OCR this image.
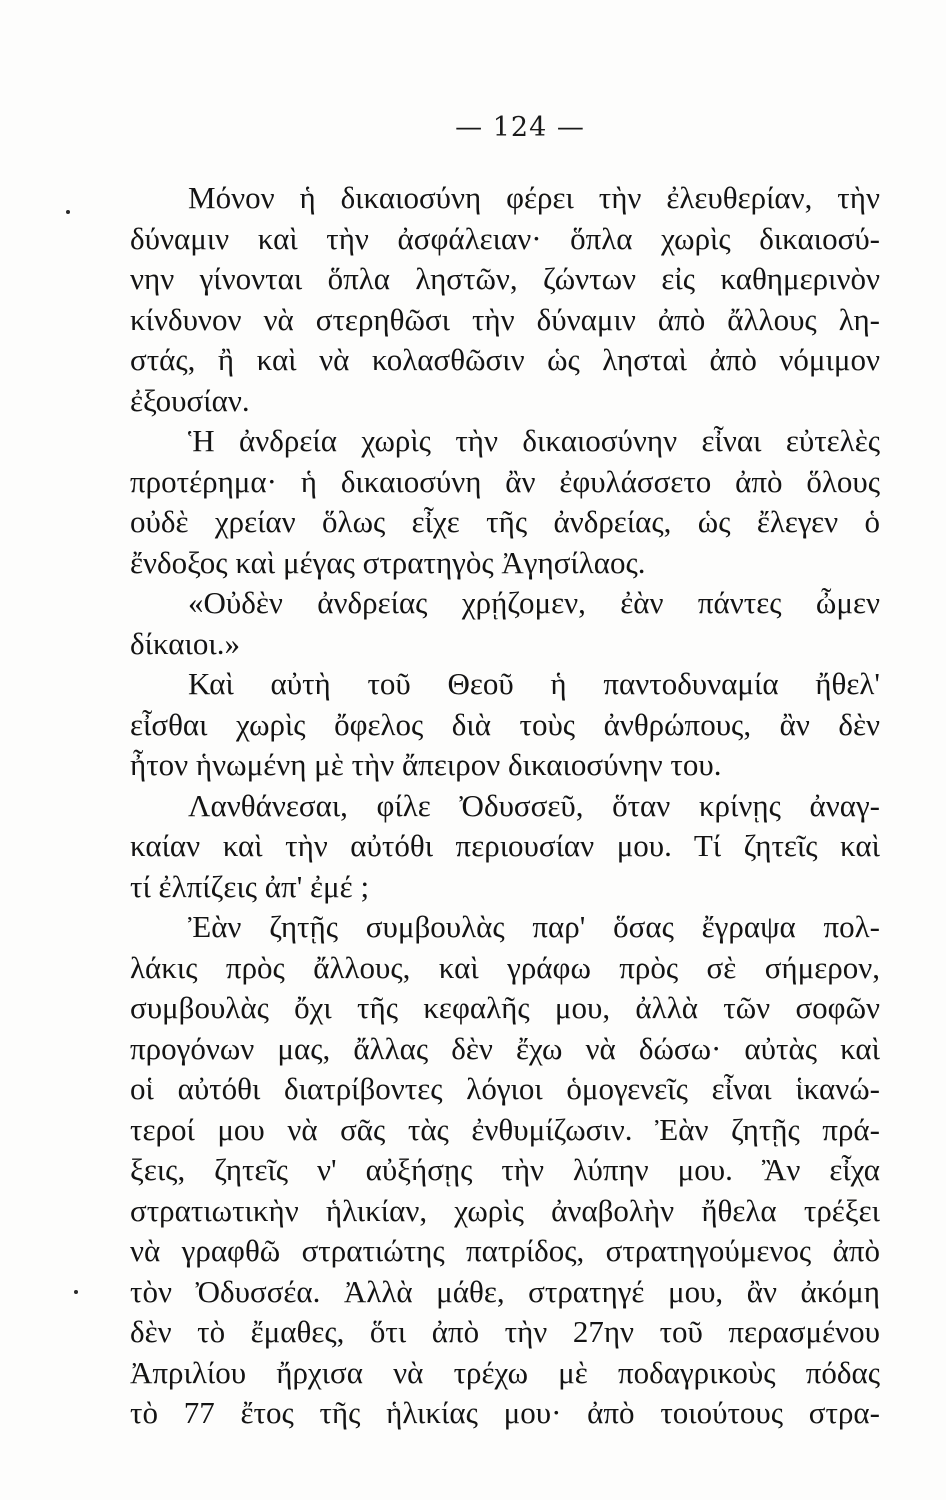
— 124 —
Μόνον ἡ δικαιοσύνη φέρει τὴν ἐλευθερίαν, τὴν
δύναμιν καὶ τὴν ἀσφάλειαν· ὅπλα χωρὶς δικαιοσύ-
νην γίνονται ὅπλα ληστῶν, ζώντων εἰς καθημερινὸν
κίνδυνον νὰ στερηθῶσι τὴν δύναμιν ἀπὸ ἄλλους λη-
στάς, ἢ καὶ νὰ κολασθῶσιν ὡς λησταὶ ἀπὸ νόμιμον
ἐξουσίαν.
Ἡ ἀνδρεία χωρὶς τὴν δικαιοσύνην εἶναι εὐτελὲς
προτέρημα· ἡ δικαιοσύνη ἂν ἐφυλάσσετο ἀπὸ ὅλους
οὐδὲ χρείαν ὅλως εἶχε τῆς ἀνδρείας, ὡς ἔλεγεν ὁ
ἔνδοξος καὶ μέγας στρατηγὸς Ἀγησίλαος.
«Οὐδὲν ἀνδρείας χρῄζομεν, ἐὰν πάντες ὦμεν
δίκαιοι.»
Καὶ αὐτὴ τοῦ Θεοῦ ἡ παντοδυναμία ἤθελ'
εἶσθαι χωρὶς ὄφελος διὰ τοὺς ἀνθρώπους, ἂν δὲν
ἦτον ἡνωμένη μὲ τὴν ἄπειρον δικαιοσύνην του.
Λανθάνεσαι, φίλε Ὀδυσσεῦ, ὅταν κρίνῃς ἀναγ-
καίαν καὶ τὴν αὐτόθι περιουσίαν μου. Τί ζητεῖς καὶ
τί ἐλπίζεις ἀπ' ἐμέ ;
Ἐὰν ζητῇς συμβουλὰς παρ' ὅσας ἔγραψα πολ-
λάκις πρὸς ἄλλους, καὶ γράφω πρὸς σὲ σήμερον,
συμβουλὰς ὄχι τῆς κεφαλῆς μου, ἀλλὰ τῶν σοφῶν
προγόνων μας, ἄλλας δὲν ἔχω νὰ δώσω· αὐτὰς καὶ
οἱ αὐτόθι διατρίβοντες λόγιοι ὁμογενεῖς εἶναι ἱκανώ-
τεροί μου νὰ σᾶς τὰς ἐνθυμίζωσιν. Ἐὰν ζητῇς πρά-
ξεις, ζητεῖς ν' αὐξήσῃς τὴν λύπην μου. Ἂν εἶχα
στρατιωτικὴν ἡλικίαν, χωρὶς ἀναβολὴν ἤθελα τρέξει
νὰ γραφθῶ στρατιώτης πατρίδος, στρατηγούμενος ἀπὸ
τὸν Ὀδυσσέα. Ἀλλὰ μάθε, στρατηγέ μου, ἂν ἀκόμη
δὲν τὸ ἔμαθες, ὅτι ἀπὸ τὴν 27ην τοῦ περασμένου
Ἀπριλίου ἤρχισα νὰ τρέχω μὲ ποδαγρικοὺς πόδας
τὸ 77 ἔτος τῆς ἡλικίας μου· ἀπὸ τοιούτους στρα-
